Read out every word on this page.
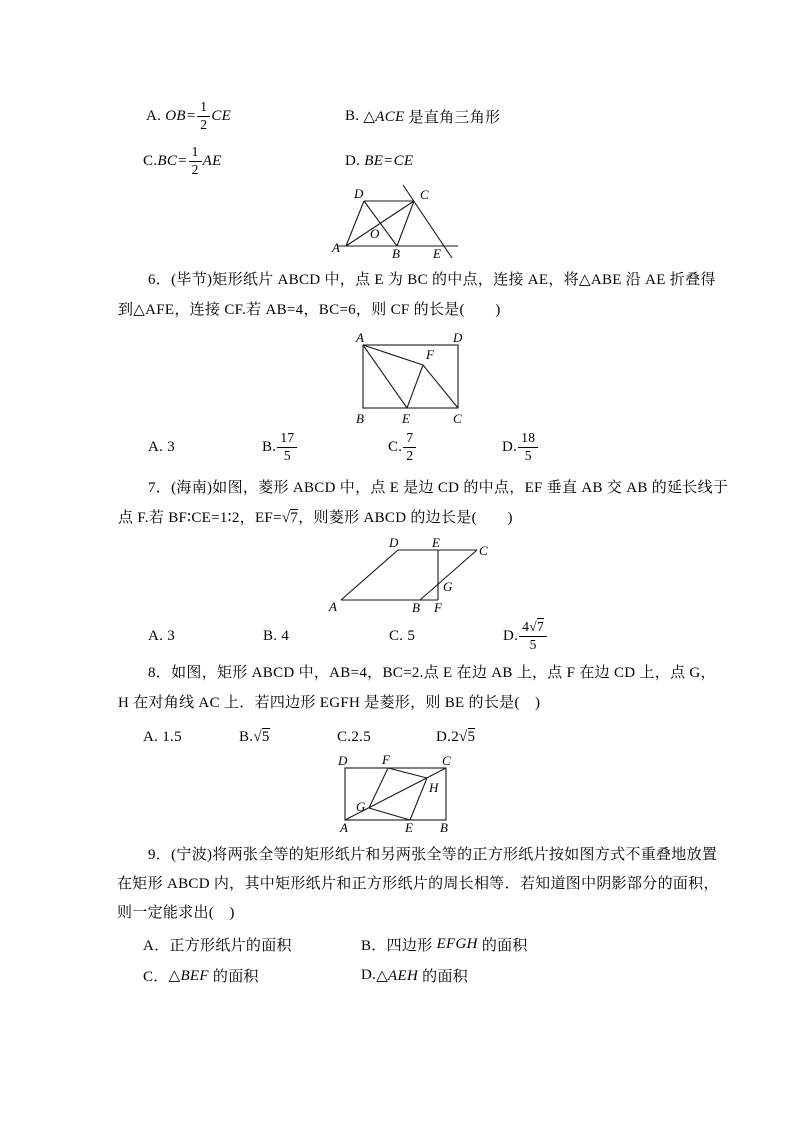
A. $OB= \frac{1}{2}$ CE	B. △ACE 是直角三角形
C. $BC= \frac{1}{2}$ AE	D. BE=CE
D	C
A
O
B	E
6．(毕节)矩形纸片 ABCD 中，点 E 为 BC 的中点，连接 AE，将△ABE 沿 AE 折叠得
到△AFE，连接 CF.若 AB=4，BC=6，则 CF 的长是(　　)
A	D
F
B	E	C
A. 3	B. $\frac{17}{5}$	C. $\frac{7}{2}$	D. $\frac{18}{5}$
7．(海南)如图，菱形 ABCD 中，点 E 是边 CD 的中点，EF 垂直 AB 交 AB 的延长线于
点 F.若 BF∶CE=1∶2，EF=√7，则菱形 ABCD 的边长是(　　)
D	E
C
A	B F
G
A. 3	B. 4	C. 5	D. $\frac{4√7}{5}$
8．如图，矩形 ABCD 中，AB=4，BC=2.点 E 在边 AB 上，点 F 在边 CD 上，点 G，
H 在对角线 AC 上．若四边形 EGFH 是菱形，则 BE 的长是(　)
A. 1.5	B. √ 5	C.2.5	D. 2 √ 5
D	F	C
A	E B
G
H
9．(宁波)将两张全等的矩形纸片和另两张全等的正方形纸片按如图方式不重叠地放置
在矩形 ABCD 内，其中矩形纸片和正方形纸片的周长相等．若知道图中阴影部分的面积，
则一定能求出(　)
A．正方形纸片的面积	B．四边形 EFGH 的面积
C． △BEF 的面积	D. △AEH 的面积
